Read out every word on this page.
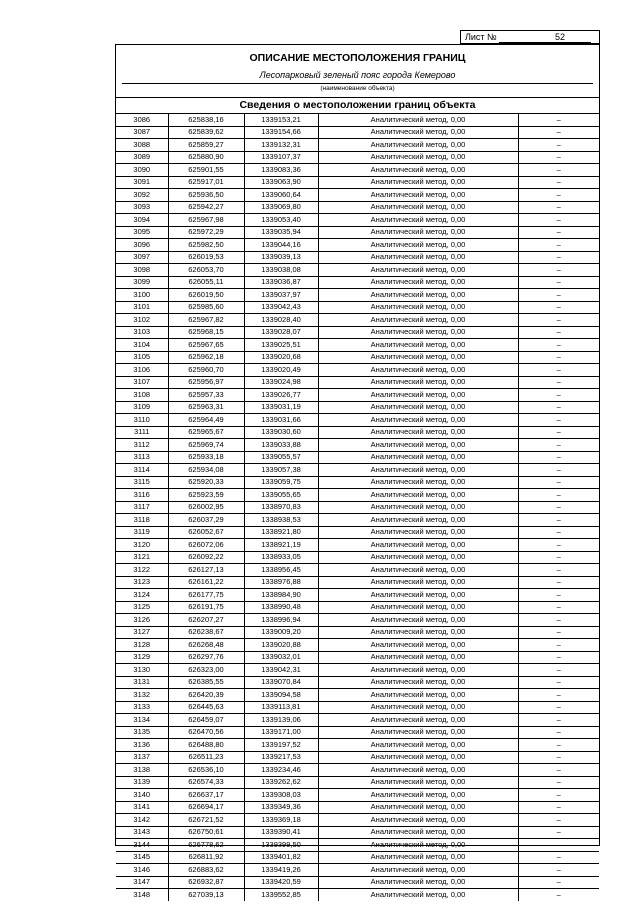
Лист №	52
ОПИСАНИЕ МЕСТОПОЛОЖЕНИЯ ГРАНИЦ
Лесопарковый зеленый пояс города Кемерово
(наименование объекта)
Сведения о местоположении границ объекта
3086	625838,16	1339153,21	Аналитический метод, 0,00	–
3087	625839,62	1339154,66	Аналитический метод, 0,00	–
3088	625859,27	1339132,31	Аналитический метод, 0,00	–
3089	625880,90	1339107,37	Аналитический метод, 0,00	–
3090	625901,55	1339083,36	Аналитический метод, 0,00	–
3091	625917,01	1339063,90	Аналитический метод, 0,00	–
3092	625936,50	1339060,64	Аналитический метод, 0,00	–
3093	625942,27	1339069,80	Аналитический метод, 0,00	–
3094	625967,98	1339053,40	Аналитический метод, 0,00	–
3095	625972,29	1339035,94	Аналитический метод, 0,00	–
3096	625982,50	1339044,16	Аналитический метод, 0,00	–
3097	626019,53	1339039,13	Аналитический метод, 0,00	–
3098	626053,70	1339038,08	Аналитический метод, 0,00	–
3099	626055,11	1339036,87	Аналитический метод, 0,00	–
3100	626019,50	1339037,97	Аналитический метод, 0,00	–
3101	625985,60	1339042,43	Аналитический метод, 0,00	–
3102	625967,82	1339028,40	Аналитический метод, 0,00	–
3103	625968,15	1339028,07	Аналитический метод, 0,00	–
3104	625967,65	1339025,51	Аналитический метод, 0,00	–
3105	625962,18	1339020,68	Аналитический метод, 0,00	–
3106	625960,70	1339020,49	Аналитический метод, 0,00	–
3107	625956,97	1339024,98	Аналитический метод, 0,00	–
3108	625957,33	1339026,77	Аналитический метод, 0,00	–
3109	625963,31	1339031,19	Аналитический метод, 0,00	–
3110	625964,49	1339031,66	Аналитический метод, 0,00	–
3111	625965,67	1339030,60	Аналитический метод, 0,00	–
3112	625969,74	1339033,88	Аналитический метод, 0,00	–
3113	625933,18	1339055,57	Аналитический метод, 0,00	–
3114	625934,08	1339057,38	Аналитический метод, 0,00	–
3115	625920,33	1339059,75	Аналитический метод, 0,00	–
3116	625923,59	1339055,65	Аналитический метод, 0,00	–
3117	626002,95	1338970,83	Аналитический метод, 0,00	–
3118	626037,29	1338938,53	Аналитический метод, 0,00	–
3119	626052,67	1338921,80	Аналитический метод, 0,00	–
3120	626072,06	1338921,19	Аналитический метод, 0,00	–
3121	626092,22	1338933,05	Аналитический метод, 0,00	–
3122	626127,13	1338956,45	Аналитический метод, 0,00	–
3123	626161,22	1338976,88	Аналитический метод, 0,00	–
3124	626177,75	1338984,90	Аналитический метод, 0,00	–
3125	626191,75	1338990,48	Аналитический метод, 0,00	–
3126	626207,27	1338996,94	Аналитический метод, 0,00	–
3127	626238,67	1339009,20	Аналитический метод, 0,00	–
3128	626268,48	1339020,88	Аналитический метод, 0,00	–
3129	626297,76	1339032,01	Аналитический метод, 0,00	–
3130	626323,00	1339042,31	Аналитический метод, 0,00	–
3131	626385,55	1339070,84	Аналитический метод, 0,00	–
3132	626420,39	1339094,58	Аналитический метод, 0,00	–
3133	626445,63	1339113,81	Аналитический метод, 0,00	–
3134	626459,07	1339139,06	Аналитический метод, 0,00	–
3135	626470,56	1339171,00	Аналитический метод, 0,00	–
3136	626488,80	1339197,52	Аналитический метод, 0,00	–
3137	626511,23	1339217,53	Аналитический метод, 0,00	–
3138	626536,10	1339234,46	Аналитический метод, 0,00	–
3139	626574,33	1339262,62	Аналитический метод, 0,00	–
3140	626637,17	1339308,03	Аналитический метод, 0,00	–
3141	626694,17	1339349,36	Аналитический метод, 0,00	–
3142	626721,52	1339369,18	Аналитический метод, 0,00	–
3143	626750,61	1339390,41	Аналитический метод, 0,00	–
3144	626778,62	1339399,50	Аналитический метод, 0,00	–
3145	626811,92	1339401,82	Аналитический метод, 0,00	–
3146	626883,62	1339419,26	Аналитический метод, 0,00	–
3147	626932,87	1339420,59	Аналитический метод, 0,00	–
3148	627039,13	1339552,85	Аналитический метод, 0,00	–
